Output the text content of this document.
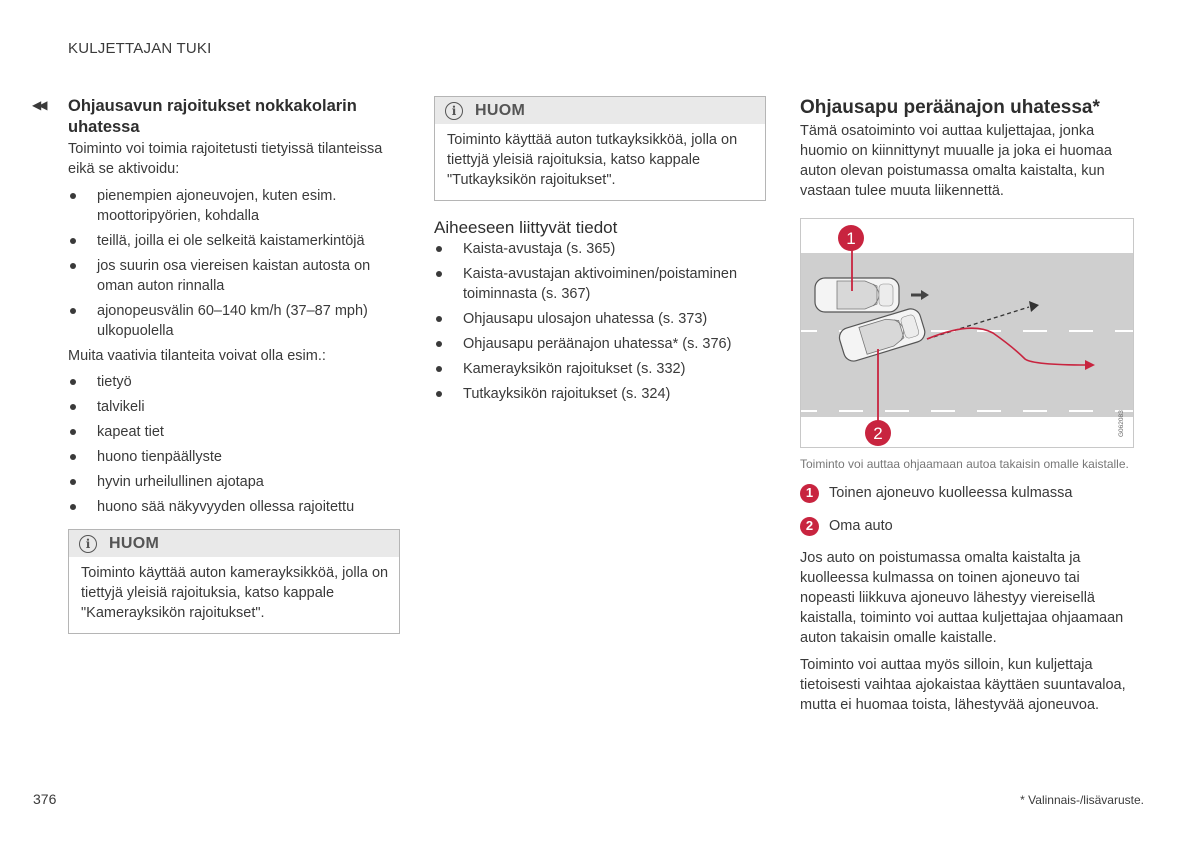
KULJETTAJAN TUKI
◀◀ Ohjausavun rajoitukset nokkakolarin uhatessa

Toiminto voi toimia rajoitetusti tietyissä tilanteissa eikä se aktivoidu:

pienempien ajoneuvojen, kuten esim. moottoripyörien, kohdalla
teillä, joilla ei ole selkeitä kaistamerkintöjä
jos suurin osa viereisen kaistan autosta on oman auton rinnalla
ajonopeusvälin 60–140 km/h (37–87 mph) ulkopuolella

Muita vaativia tilanteita voivat olla esim.:

tietyö
talvikeli
kapeat tiet
huono tienpäällyste
hyvin urheilullinen ajotapa
huono sää näkyvyyden ollessa rajoitettu
i	HUOM
Toiminto käyttää auton kamerayksikköä, jolla on tiettyjä yleisiä rajoituksia, katso kappale "Kamerayksikön rajoitukset".
i	HUOM
Toiminto käyttää auton tutkayksikköä, jolla on tiettyjä yleisiä rajoituksia, katso kappale "Tutkayksikön rajoitukset".
Aiheeseen liittyvät tiedot
Kaista-avustaja (s. 365)
Kaista-avustajan aktivoiminen/poistaminen toiminnasta (s. 367)
Ohjausapu ulosajon uhatessa (s. 373)
Ohjausapu peräänajon uhatessa* (s. 376)
Kamerayksikön rajoitukset (s. 332)
Tutkayksikön rajoitukset (s. 324)
Ohjausapu peräänajon uhatessa*

Tämä osatoiminto voi auttaa kuljettajaa, jonka huomio on kiinnittynyt muualle ja joka ei huomaa auton olevan poistumassa omalta kaistalta, kun vastaan tulee muuta liikennettä.

1
2	G062083

Toiminto voi auttaa ohjaamaan autoa takaisin omalle kaistalle.

1	Toinen ajoneuvo kuolleessa kulmassa
2	Oma auto

Jos auto on poistumassa omalta kaistalta ja kuolleessa kulmassa on toinen ajoneuvo tai nopeasti liikkuva ajoneuvo lähestyy viereisellä kaistalla, toiminto voi auttaa kuljettajaa ohjaamaan auton takaisin omalle kaistalle.

Toiminto voi auttaa myös silloin, kun kuljettaja tietoisesti vaihtaa ajokaistaa käyttäen suuntavaloa, mutta ei huomaa toista, lähestyvää ajoneuvoa.

376	* Valinnais-/lisävaruste.
